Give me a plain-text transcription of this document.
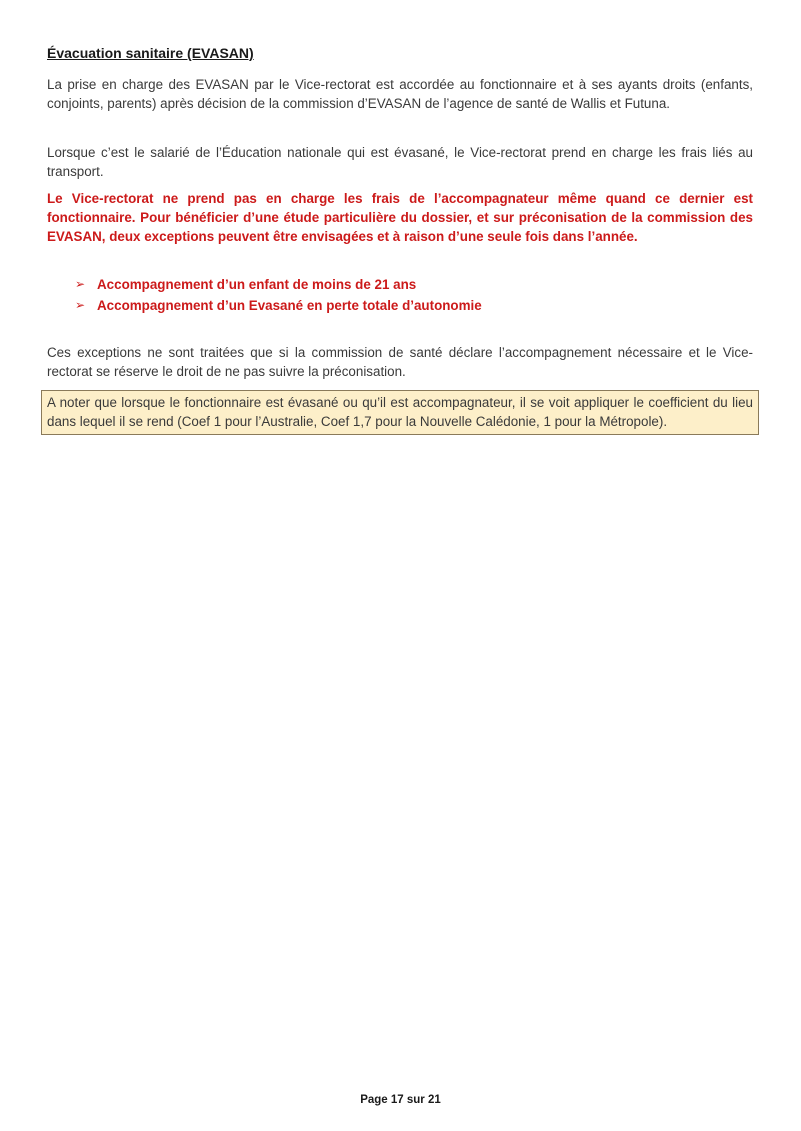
Évacuation sanitaire (EVASAN)
La prise en charge des EVASAN par le Vice-rectorat est accordée au fonctionnaire et à ses ayants droits (enfants, conjoints, parents) après décision de la commission d’EVASAN de l’agence de santé de Wallis et Futuna.
Lorsque c’est le salarié de l’Éducation nationale qui est évasané, le Vice-rectorat prend en charge les frais liés au transport.
Le Vice-rectorat ne prend pas en charge les frais de l’accompagnateur même quand ce dernier est fonctionnaire. Pour bénéficier d’une étude particulière du dossier, et sur préconisation de la commission des EVASAN, deux exceptions peuvent être envisagées et à raison d’une seule fois dans l’année.
➢ Accompagnement d’un enfant de moins de 21 ans
➢ Accompagnement d’un Evasané en perte totale d’autonomie
Ces exceptions ne sont traitées que si la commission de santé déclare l’accompagnement nécessaire et le Vice-rectorat se réserve le droit de ne pas suivre la préconisation.
A noter que lorsque le fonctionnaire est évasané ou qu’il est accompagnateur, il se voit appliquer le coefficient du lieu dans lequel il se rend (Coef 1 pour l’Australie, Coef 1,7 pour la Nouvelle Calédonie, 1 pour la Métropole).
Page 17 sur 21
